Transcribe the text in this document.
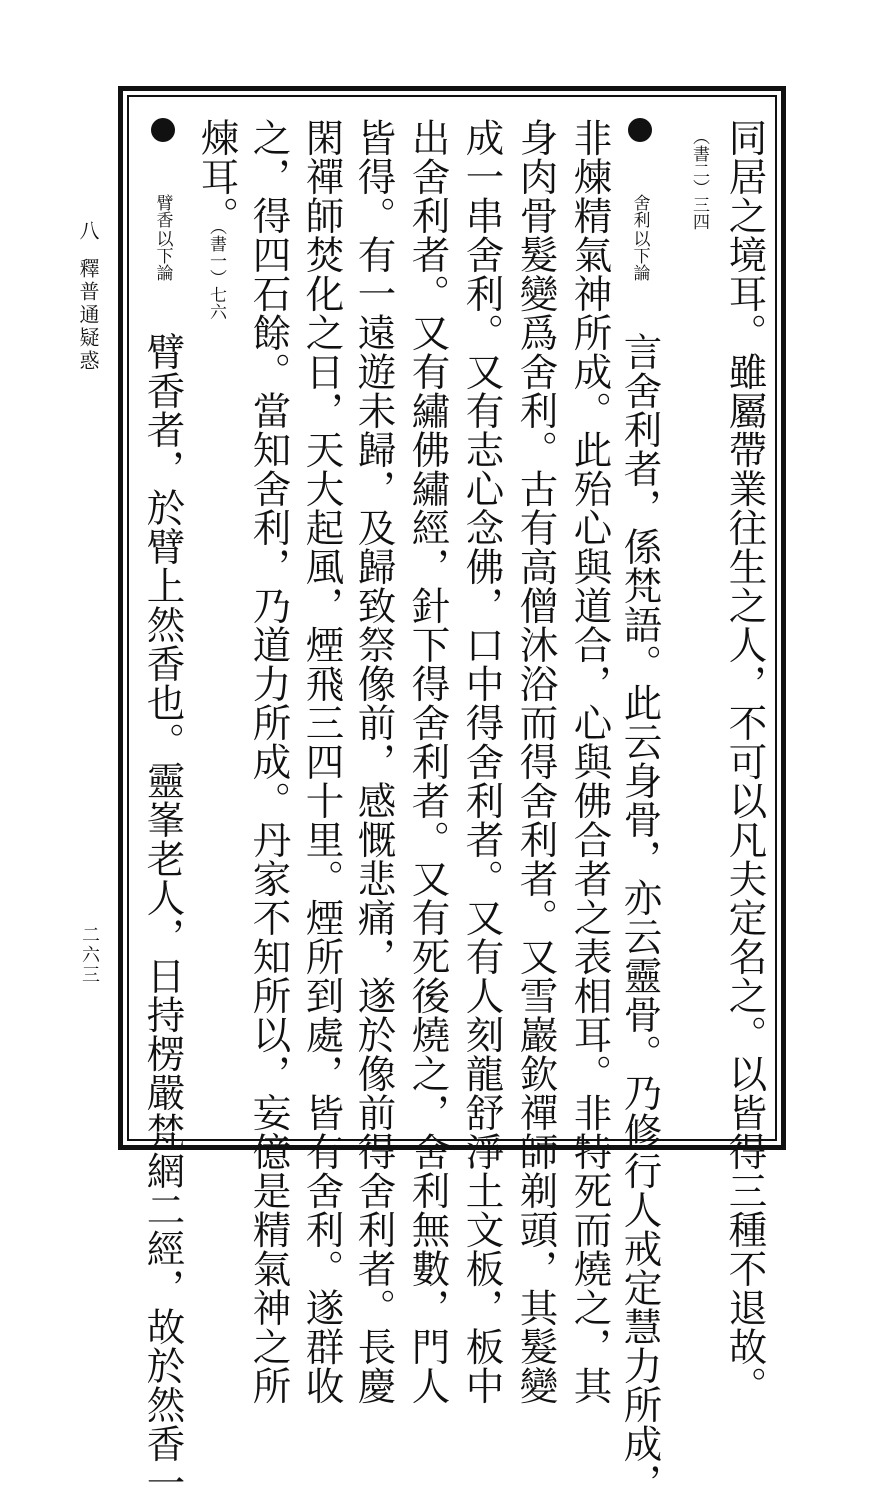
同居之境耳。雖屬帶業往生之人，不可以凡夫定名之。以皆得三種不退故。
（書二）三四

以下論
舍利
言舍利者，係梵語。此云身骨，亦云靈骨。乃修行人戒定慧力所成，
非煉精氣神所成。此殆心與道合，心與佛合者之表相耳。非特死而燒之，其
身肉骨髮變爲舍利。古有高僧沐浴而得舍利者。又雪巖欽禪師剃頭，其髮變
成一串舍利。又有志心念佛，口中得舍利者。又有人刻龍舒淨土文板，板中
出舍利者。又有繡佛繡經，針下得舍利者。又有死後燒之，舍利無數，門人
皆得。有一遠遊未歸，及歸致祭像前，感慨悲痛，遂於像前得舍利者。長慶
閑禪師焚化之日，天大起風，煙飛三四十里。煙所到處，皆有舍利。遂群收
之，得四石餘。當知舍利，乃道力所成。丹家不知所以，妄億是精氣神之所
煉耳。
（書一）七六

以下論
臂香
臂香者，於臂上然香也。靈峯老人，日持楞嚴梵網二經，故於然香一
八
釋普通疑惑
二六三
